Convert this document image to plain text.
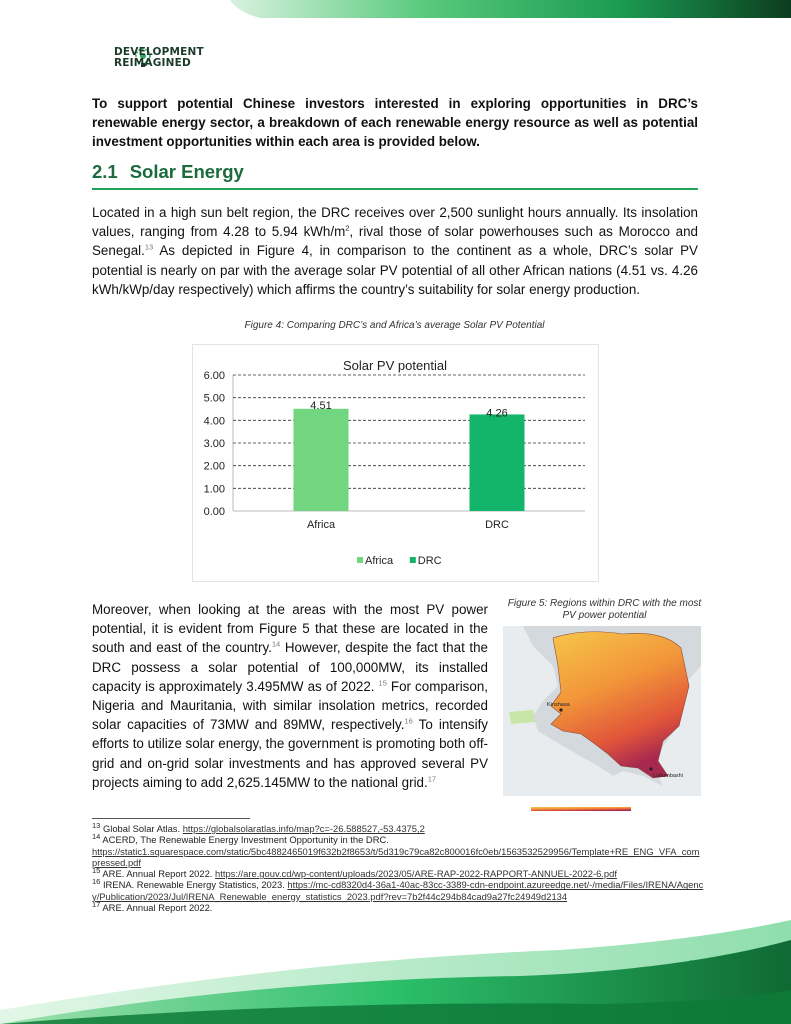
DEVELOPMENT
REIMAGINED
To support potential Chinese investors interested in exploring opportunities in DRC’s renewable energy sector, a breakdown of each renewable energy resource as well as potential investment opportunities within each area is provided below.
2.1 Solar Energy
Located in a high sun belt region, the DRC receives over 2,500 sunlight hours annually. Its insolation values, ranging from 4.28 to 5.94 kWh/$m^2$, rival those of solar powerhouses such as Morocco and Senegal.$^{13}$ As depicted in Figure 4, in comparison to the continent as a whole, DRC’s solar PV potential is nearly on par with the average solar PV potential of all other African nations (4.51 vs. 4.26 kWh/kWp/day respectively) which affirms the country’s suitability for solar energy production.
Figure 4: Comparing DRC’s and Africa’s average Solar PV Potential
Solar PV potential
0.00
1.00
2.00
3.00
4.00
5.00
6.00
4.51
Africa
4.26
DRC
Africa DRC
Moreover, when looking at the areas with the most PV power potential, it is evident from Figure 5 that these are located in the south and east of the country.$^{14}$ However, despite the fact that the DRC possess a solar potential of 100,000MW, its installed capacity is approximately 3.495MW as of 2022. $^{15}$ For comparison, Nigeria and Mauritania, with similar insolation metrics, recorded solar capacities of 73MW and 89MW, respectively.$^{16}$ To intensify efforts to utilize solar energy, the government is promoting both off-grid and on-grid solar investments and has approved several PV projects aiming to add 2,625.145MW to the national grid.$^{17}$
Figure 5: Regions within DRC with the most PV power potential
Kinshasa
Lubumbashi
$^{13}$ Global Solar Atlas. https://globalsolaratlas.info/map?c=-26.588527,-53.4375,2
$^{14}$ ACERD, The Renewable Energy Investment Opportunity in the DRC.
https://static1.squarespace.com/static/5bc4882465019f632b2f8653/t/5d319c79ca82c800016fc0eb/1563532529956/Template+RE_ENG_VFA_compressed.pdf
$^{15}$ ARE. Annual Report 2022. https://are.gouv.cd/wp-content/uploads/2023/05/ARE-RAP-2022-RAPPORT-ANNUEL-2022-6.pdf
$^{16}$ IRENA. Renewable Energy Statistics, 2023. https://mc-cd8320d4-36a1-40ac-83cc-3389-cdn-endpoint.azureedge.net/-/media/Files/IRENA/Agency/Publication/2023/Jul/IRENA_Renewable_energy_statistics_2023.pdf?rev=7b2f44c294b84cad9a27fc24949d2134
$^{17}$ ARE. Annual Report 2022.
